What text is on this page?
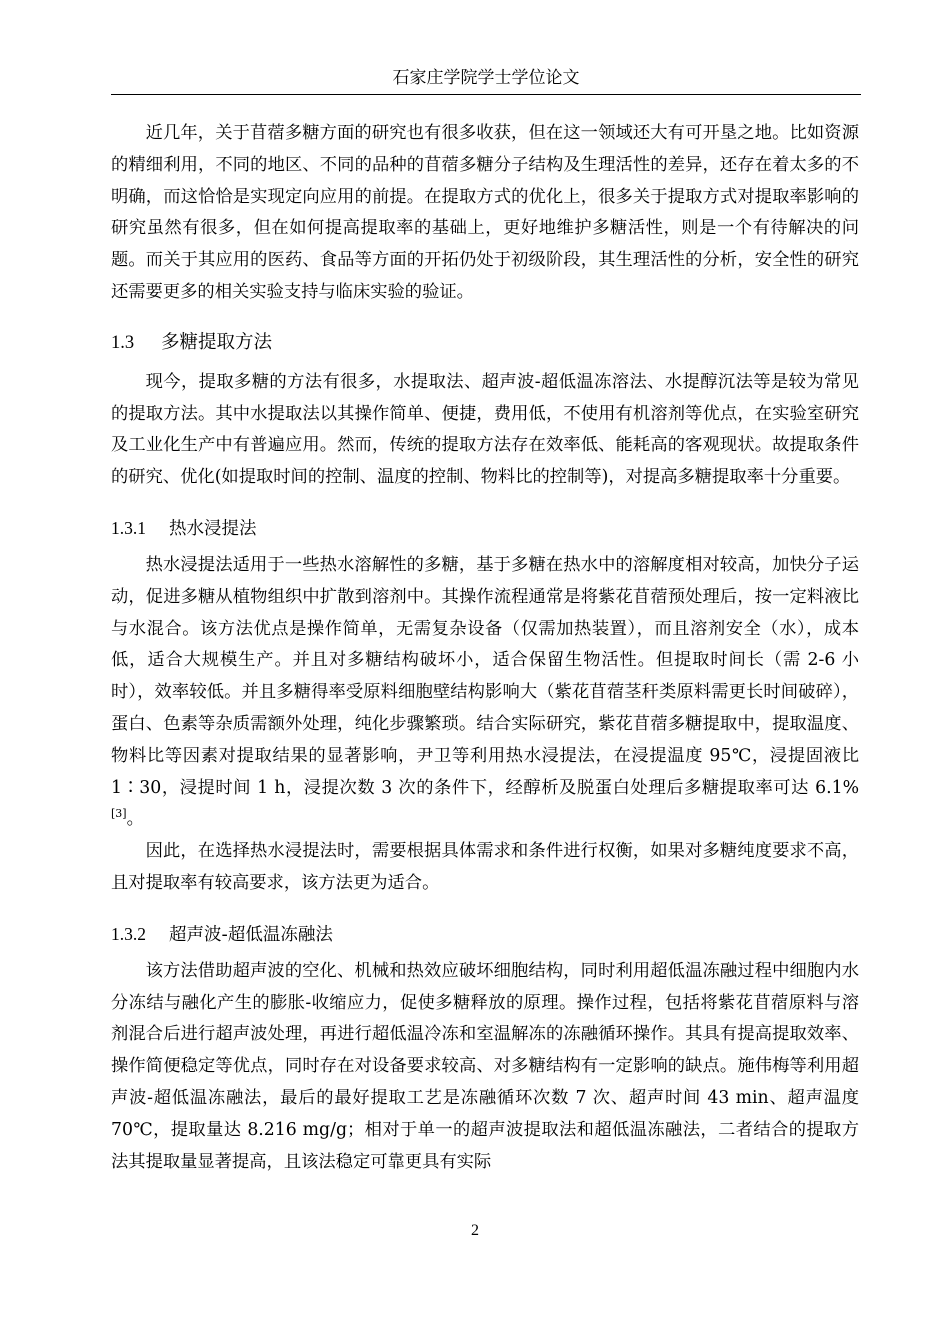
石家庄学院学士学位论文

近几年，关于苜蓿多糖方面的研究也有很多收获，但在这一领域还大有可开垦之地。比如资源的精细利用，不同的地区、不同的品种的苜蓿多糖分子结构及生理活性的差异，还存在着太多的不明确，而这恰恰是实现定向应用的前提。在提取方式的优化上，很多关于提取方式对提取率影响的研究虽然有很多，但在如何提高提取率的基础上，更好地维护多糖活性，则是一个有待解决的问题。而关于其应用的医药、食品等方面的开拓仍处于初级阶段，其生理活性的分析，安全性的研究还需要更多的相关实验支持与临床实验的验证。

1.3 多糖提取方法

现今，提取多糖的方法有很多，水提取法、超声波-超低温冻溶法、水提醇沉法等是较为常见的提取方法。其中水提取法以其操作简单、便捷，费用低，不使用有机溶剂等优点，在实验室研究及工业化生产中有普遍应用。然而，传统的提取方法存在效率低、能耗高的客观现状。故提取条件的研究、优化(如提取时间的控制、温度的控制、物料比的控制等)，对提高多糖提取率十分重要。

1.3.1 热水浸提法

热水浸提法适用于一些热水溶解性的多糖，基于多糖在热水中的溶解度相对较高，加快分子运动，促进多糖从植物组织中扩散到溶剂中。其操作流程通常是将紫花苜蓿预处理后，按一定料液比与水混合。该方法优点是操作简单，无需复杂设备（仅需加热装置），而且溶剂安全（水），成本低，适合大规模生产。并且对多糖结构破坏小，适合保留生物活性。但提取时间长（需 2-6 小时），效率较低。并且多糖得率受原料细胞壁结构影响大（紫花苜蓿茎秆类原料需更长时间破碎），蛋白、色素等杂质需额外处理，纯化步骤繁琐。结合实际研究，紫花苜蓿多糖提取中，提取温度、物料比等因素对提取结果的显著影响，尹卫等利用热水浸提法，在浸提温度 95℃，浸提固液比 1∶30，浸提时间 1 h，浸提次数 3 次的条件下，经醇析及脱蛋白处理后多糖提取率可达 6.1%[3]。

因此，在选择热水浸提法时，需要根据具体需求和条件进行权衡，如果对多糖纯度要求不高，且对提取率有较高要求，该方法更为适合。

1.3.2 超声波-超低温冻融法

该方法借助超声波的空化、机械和热效应破坏细胞结构，同时利用超低温冻融过程中细胞内水分冻结与融化产生的膨胀-收缩应力，促使多糖释放的原理。操作过程，包括将紫花苜蓿原料与溶剂混合后进行超声波处理，再进行超低温冷冻和室温解冻的冻融循环操作。其具有提高提取效率、操作简便稳定等优点，同时存在对设备要求较高、对多糖结构有一定影响的缺点。施伟梅等利用超声波-超低温冻融法，最后的最好提取工艺是冻融循环次数 7 次、超声时间 43 min、超声温度 70℃，提取量达 8.216 mg/g；相对于单一的超声波提取法和超低温冻融法，二者结合的提取方法其提取量显著提高，且该法稳定可靠更具有实际

2
